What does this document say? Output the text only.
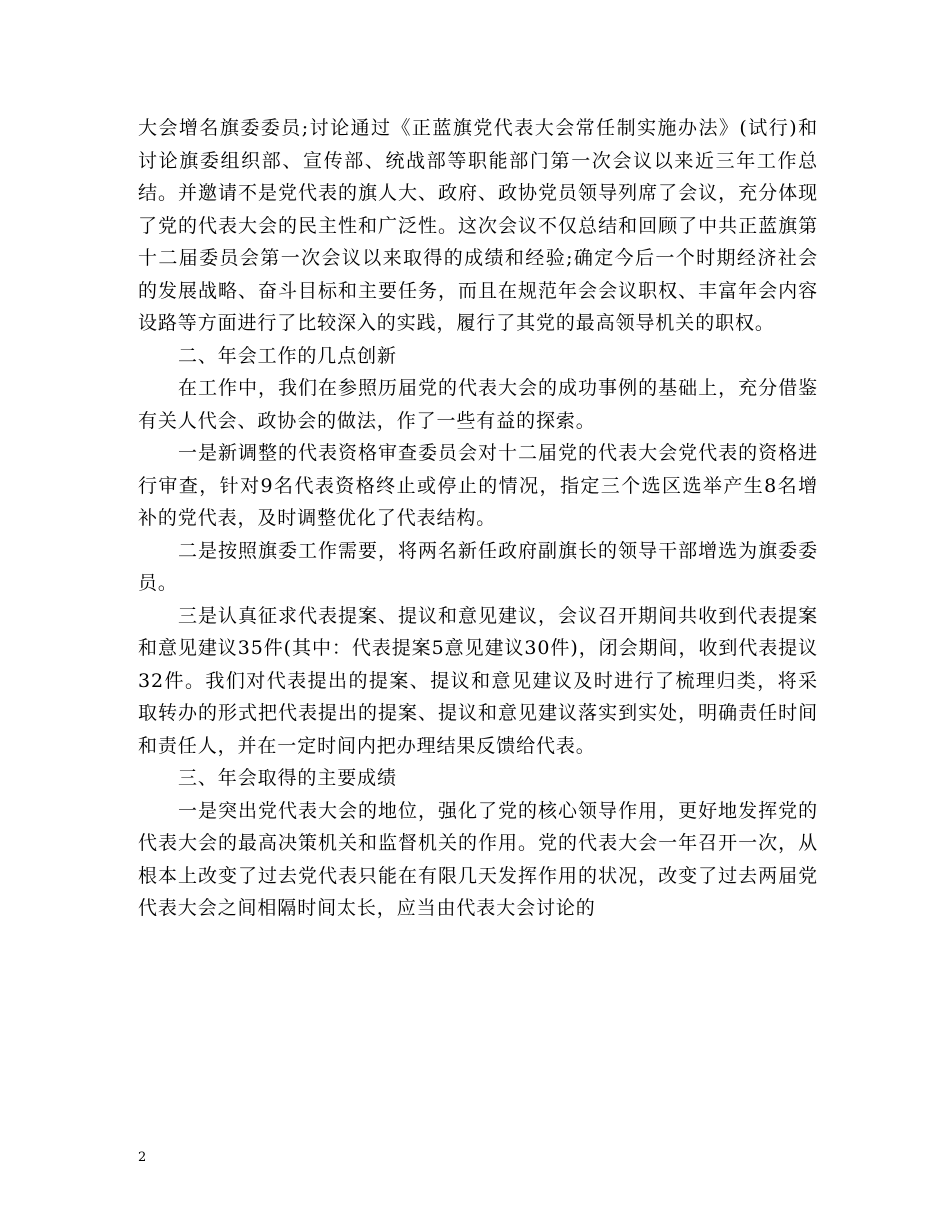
大会增名旗委委员;讨论通过《正蓝旗党代表大会常任制实施办法》(试行)和讨论旗委组织部、宣传部、统战部等职能部门第一次会议以来近三年工作总结。并邀请不是党代表的旗人大、政府、政协党员领导列席了会议，充分体现了党的代表大会的民主性和广泛性。这次会议不仅总结和回顾了中共正蓝旗第十二届委员会第一次会议以来取得的成绩和经验;确定今后一个时期经济社会的发展战略、奋斗目标和主要任务，而且在规范年会会议职权、丰富年会内容设路等方面进行了比较深入的实践，履行了其党的最高领导机关的职权。

二、年会工作的几点创新

在工作中，我们在参照历届党的代表大会的成功事例的基础上，充分借鉴有关人代会、政协会的做法，作了一些有益的探索。

一是新调整的代表资格审查委员会对十二届党的代表大会党代表的资格进行审查，针对9名代表资格终止或停止的情况，指定三个选区选举产生8名增补的党代表，及时调整优化了代表结构。

二是按照旗委工作需要，将两名新任政府副旗长的领导干部增选为旗委委员。

三是认真征求代表提案、提议和意见建议，会议召开期间共收到代表提案和意见建议35件(其中：代表提案5意见建议30件)，闭会期间，收到代表提议32件。我们对代表提出的提案、提议和意见建议及时进行了梳理归类，将采取转办的形式把代表提出的提案、提议和意见建议落实到实处，明确责任时间和责任人，并在一定时间内把办理结果反馈给代表。

三、年会取得的主要成绩

一是突出党代表大会的地位，强化了党的核心领导作用，更好地发挥党的代表大会的最高决策机关和监督机关的作用。党的代表大会一年召开一次，从根本上改变了过去党代表只能在有限几天发挥作用的状况，改变了过去两届党代表大会之间相隔时间太长，应当由代表大会讨论的

2
